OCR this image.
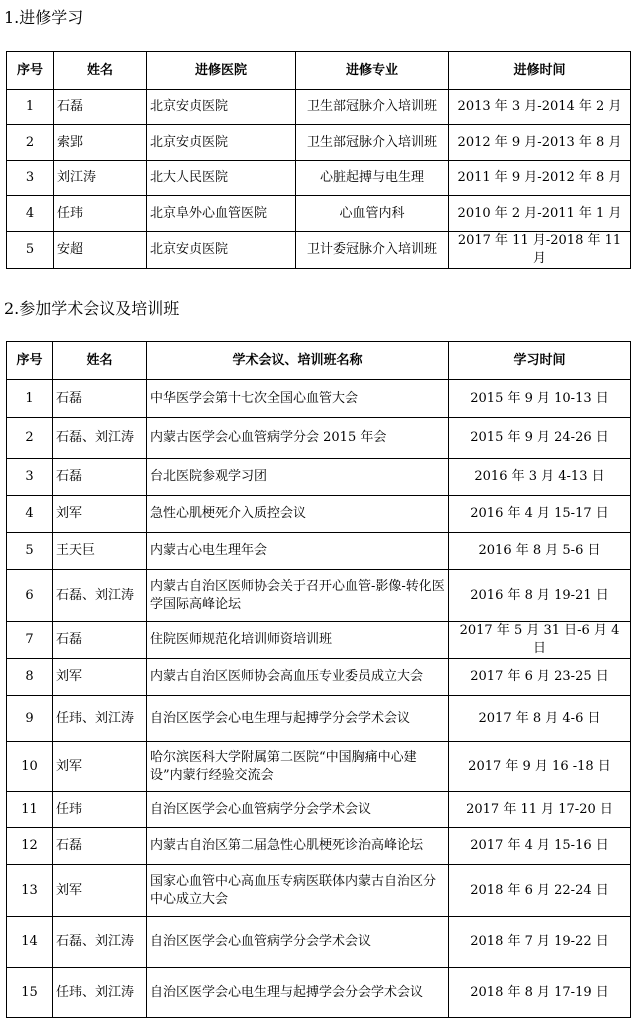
1.进修学习
序号	姓名	进修医院	进修专业	进修时间
1	石磊	北京安贞医院	卫生部冠脉介入培训班	2013 年 3 月-2014 年 2 月
2	索郢	北京安贞医院	卫生部冠脉介入培训班	2012 年 9 月-2013 年 8 月
3	刘江涛	北大人民医院	心脏起搏与电生理	2011 年 9 月-2012 年 8 月
4	任玮	北京阜外心血管医院	心血管内科	2010 年 2 月-2011 年 1 月
5	安超	北京安贞医院	卫计委冠脉介入培训班	2017 年 11 月-2018 年 11 月
2.参加学术会议及培训班
序号	姓名	学术会议、培训班名称	学习时间
1	石磊	中华医学会第十七次全国心血管大会	2015 年 9 月 10-13 日
2	石磊、刘江涛	内蒙古医学会心血管病学分会 2015 年会	2015 年 9 月 24-26 日
3	石磊	台北医院参观学习团	2016 年 3 月 4-13 日
4	刘军	急性心肌梗死介入质控会议	2016 年 4 月 15-17 日
5	王天巨	内蒙古心电生理年会	2016 年 8 月 5-6 日
6	石磊、刘江涛	内蒙古自治区医师协会关于召开心血管-影像-转化医学国际高峰论坛	2016 年 8 月 19-21 日
7	石磊	住院医师规范化培训师资培训班	2017 年 5 月 31 日-6 月 4 日
8	刘军	内蒙古自治区医师协会高血压专业委员成立大会	2017 年 6 月 23-25 日
9	任玮、刘江涛	自治区医学会心电生理与起搏学分会学术会议	2017 年 8 月 4-6 日
10	刘军	哈尔滨医科大学附属第二医院“中国胸痛中心建设”内蒙行经验交流会	2017 年 9 月 16 -18 日
11	任玮	自治区医学会心血管病学分会学术会议	2017 年 11 月 17-20 日
12	石磊	内蒙古自治区第二届急性心肌梗死诊治高峰论坛	2017 年 4 月 15-16 日
13	刘军	国家心血管中心高血压专病医联体内蒙古自治区分中心成立大会	2018 年 6 月 22-24 日
14	石磊、刘江涛	自治区医学会心血管病学分会学术会议	2018 年 7 月 19-22 日
15	任玮、刘江涛	自治区医学会心电生理与起搏学会分会学术会议	2018 年 8 月 17-19 日
